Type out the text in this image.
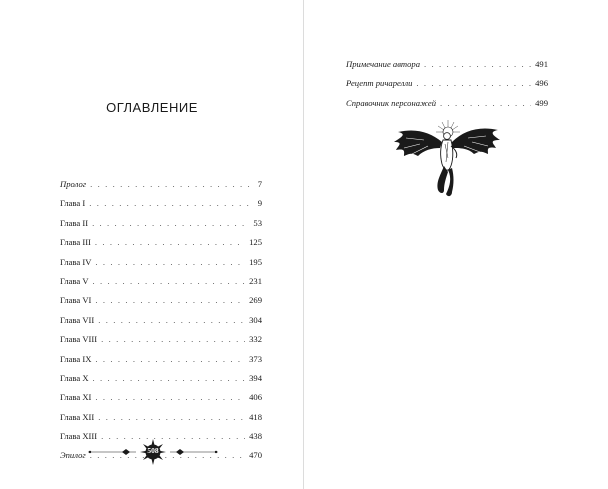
ОГЛАВЛЕНИЕ
Пролог . . .	7
Глава I . . .	9
Глава II . . .	53
Глава III . . .	125
Глава IV . . .	195
Глава V . . .	231
Глава VI . . .	269
Глава VII . . .	304
Глава VIII . . .	332
Глава IX . . .	373
Глава X . . .	394
Глава XI . . .	406
Глава XII . . .	418
Глава XIII . . .	438
Эпилог . . .	470
508
Примечание автора . . .	491
Рецепт ричарелли . . .	496
Справочник персонажей . . .	499
